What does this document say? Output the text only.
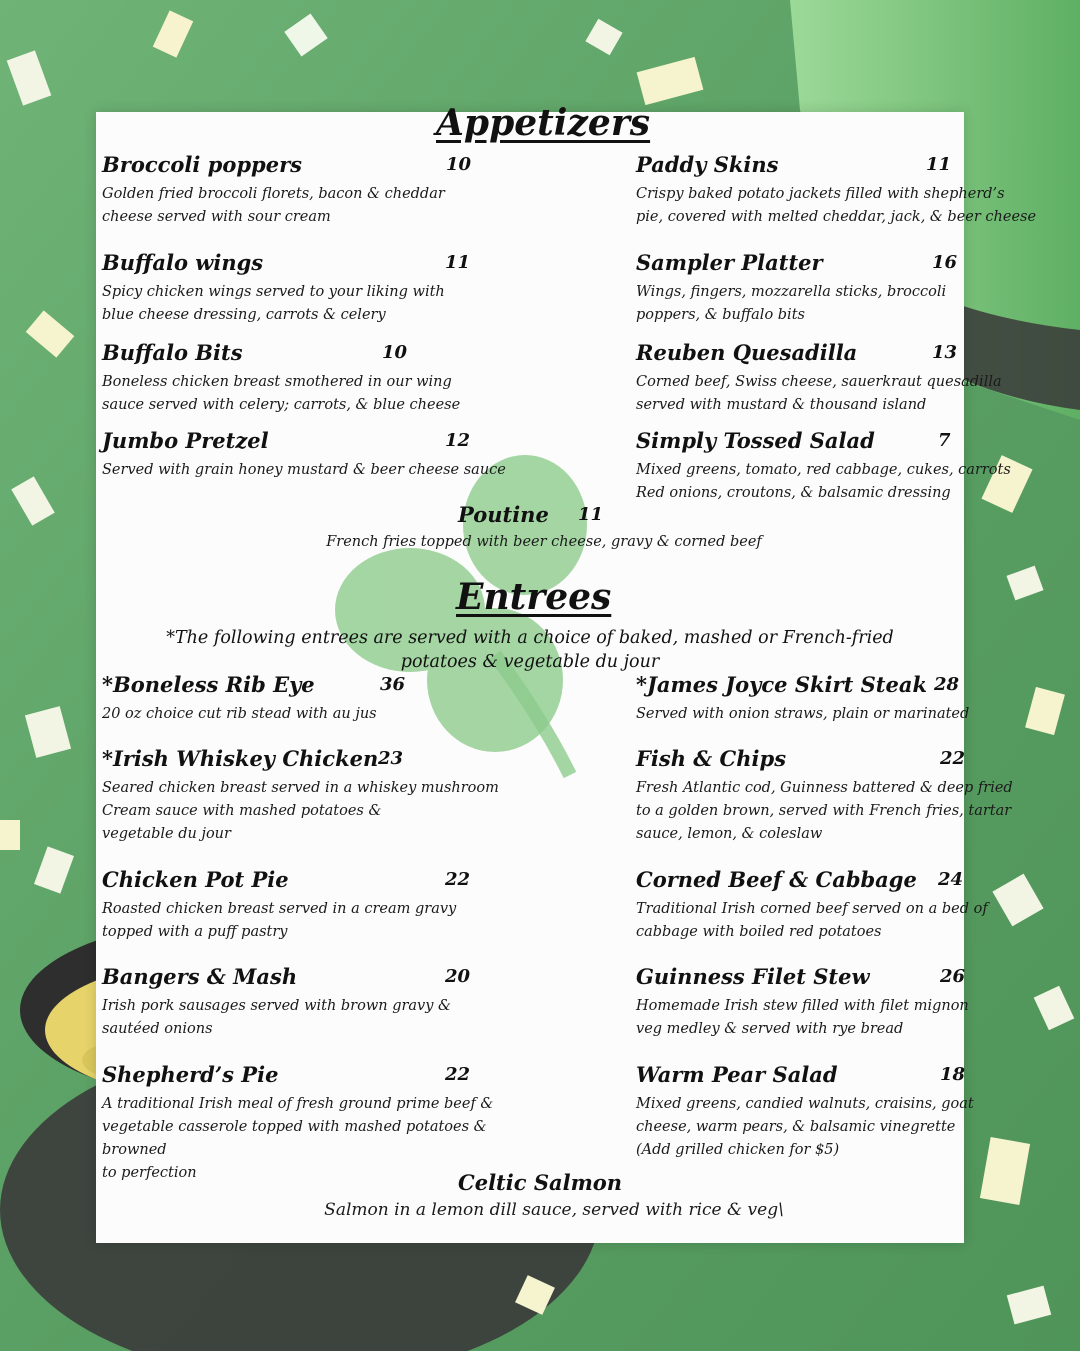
Appetizers
Entrees
*The following entrees are served with a choice of baked, mashed or French-fried
potatoes & vegetable du jour
Broccoli poppers	10
Golden fried broccoli florets, bacon & cheddar
cheese served with sour cream
Paddy Skins	11
Crispy baked potato jackets filled with shepherd’s
pie, covered with melted cheddar, jack, & beer cheese
Buffalo wings	11
Spicy chicken wings served to your liking with
blue cheese dressing, carrots & celery
Sampler Platter	16
Wings, fingers, mozzarella sticks, broccoli
poppers, & buffalo bits
Buffalo Bits	10
Boneless chicken breast smothered in our wing
sauce served with celery; carrots, & blue cheese
Reuben Quesadilla	13
Corned beef, Swiss cheese, sauerkraut quesadilla
served with mustard & thousand island
Jumbo Pretzel	12
Served with grain honey mustard & beer cheese sauce
Simply Tossed Salad	7
Mixed greens, tomato, red cabbage, cukes, carrots
Red onions, croutons, & balsamic dressing
Poutine 11
French fries topped with beer cheese, gravy & corned beef
*Boneless Rib Eye	36
20 oz choice cut rib stead with au jus
*James Joyce Skirt Steak 28
Served with onion straws, plain or marinated
*Irish Whiskey Chicken 23
Seared chicken breast served in a whiskey mushroom
Cream sauce with mashed potatoes &
vegetable du jour
Fish & Chips	22
Fresh Atlantic cod, Guinness battered & deep fried
to a golden brown, served with French fries, tartar
sauce, lemon, & coleslaw
Chicken Pot Pie	22
Roasted chicken breast served in a cream gravy
topped with a puff pastry
Corned Beef & Cabbage 24
Traditional Irish corned beef served on a bed of
cabbage with boiled red potatoes
Bangers & Mash	20
Irish pork sausages served with brown gravy &
sautéed onions
Guinness Filet Stew	26
Homemade Irish stew filled with filet mignon
veg medley & served with rye bread
Shepherd’s Pie	22
A traditional Irish meal of fresh ground prime beef &
vegetable casserole topped with mashed potatoes & browned
to perfection
Warm Pear Salad	18
Mixed greens, candied walnuts, craisins, goat
cheese, warm pears, & balsamic vinegrette
(Add grilled chicken for $5)
Celtic Salmon
Salmon in a lemon dill sauce, served with rice & veg\
